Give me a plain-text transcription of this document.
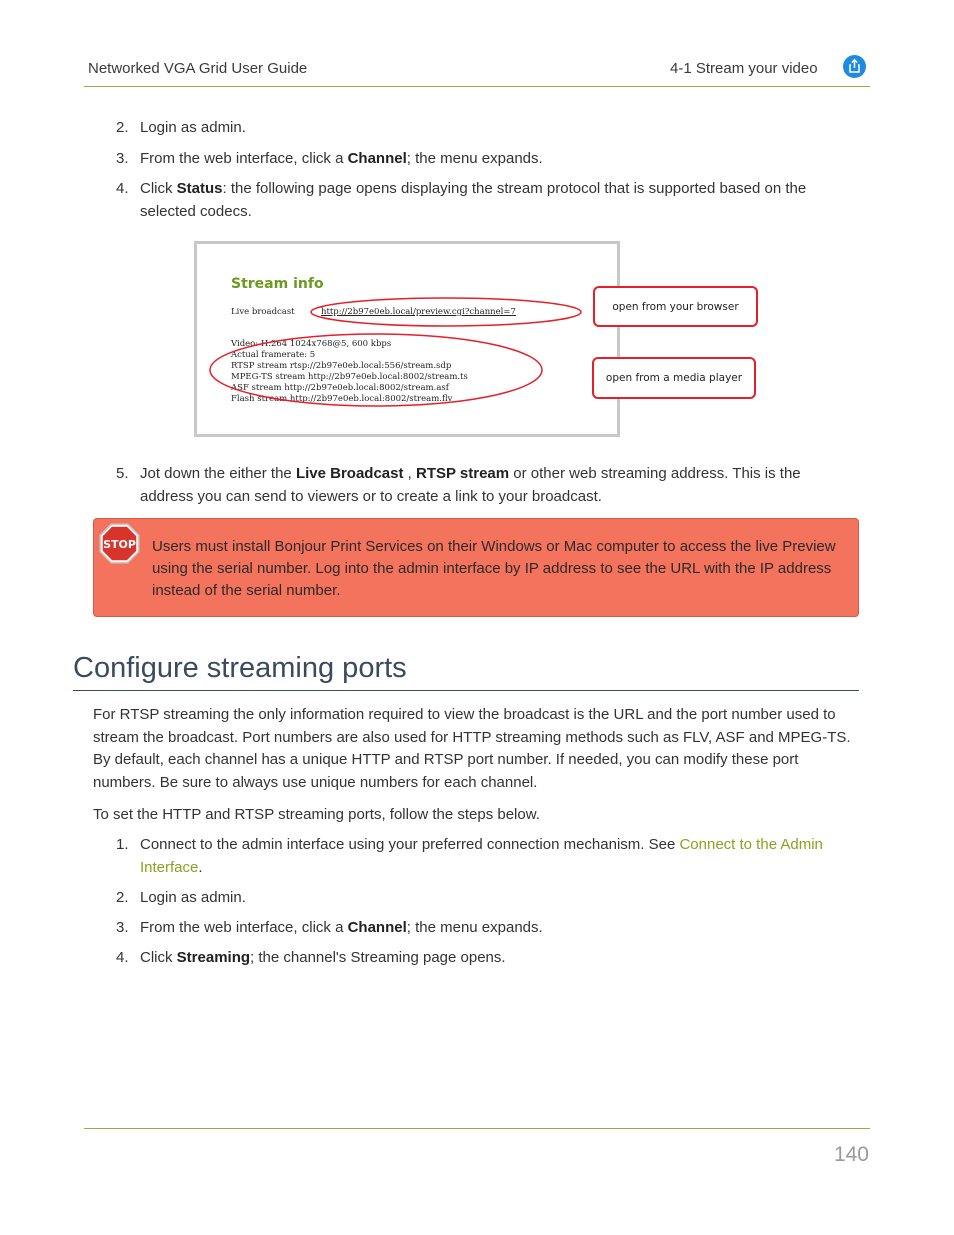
Networked VGA Grid User Guide	4-1 Stream your video
2. Login as admin.
3. From the web interface, click a Channel; the menu expands.
4. Click Status: the following page opens displaying the stream protocol that is supported based on the selected codecs.
Stream info
Live broadcast	http://2b97e0eb.local/preview.cgi?channel=7
Video: H.264 1024x768@5, 600 kbps
Actual framerate: 5
RTSP stream rtsp://2b97e0eb.local:556/stream.sdp
MPEG-TS stream http://2b97e0eb.local:8002/stream.ts
ASF stream http://2b97e0eb.local:8002/stream.asf
Flash stream http://2b97e0eb.local:8002/stream.flv
open from your browser
open from a media player
5. Jot down the either the Live Broadcast , RTSP stream or other web streaming address. This is the address you can send to viewers or to create a link to your broadcast.
STOP Users must install Bonjour Print Services on their Windows or Mac computer to access the live Preview using the serial number. Log into the admin interface by IP address to see the URL with the IP address instead of the serial number.
Configure streaming ports
For RTSP streaming the only information required to view the broadcast is the URL and the port number used to stream the broadcast. Port numbers are also used for HTTP streaming methods such as FLV, ASF and MPEG-TS. By default, each channel has a unique HTTP and RTSP port number. If needed, you can modify these port numbers. Be sure to always use unique numbers for each channel.
To set the HTTP and RTSP streaming ports, follow the steps below.
1. Connect to the admin interface using your preferred connection mechanism. See Connect to the Admin Interface.
2. Login as admin.
3. From the web interface, click a Channel; the menu expands.
4. Click Streaming; the channel's Streaming page opens.
140
